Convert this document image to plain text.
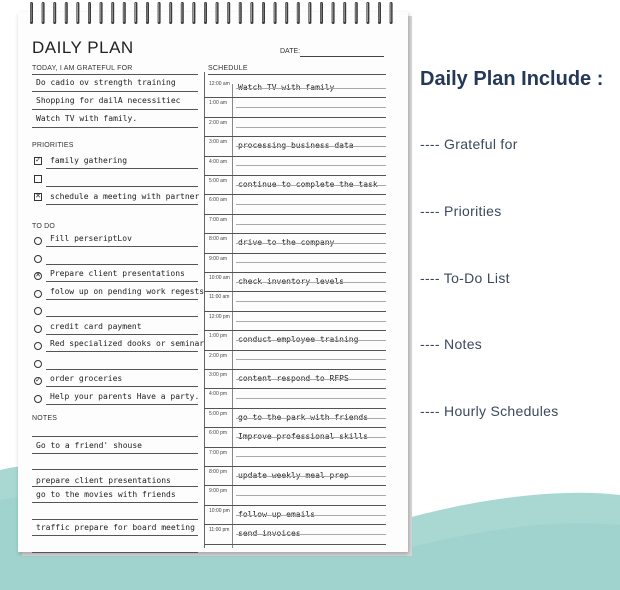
DAILY PLAN	DATE:
TODAY, I AM GRATEFUL FOR	SCHEDULE
PRIORITIES
TO DO
NOTES
Do cadio ov strength training
Shopping for dailA necessitiec
Watch TV with family.
✓ family gathering
✕ schedule a meeting with partner
Fill perseriptLov
✕ Prepare client presentations
folow up on pending work regests
credit card payment
Red specialized dooks or seminar
✓ order groceries
Help your parents Have a party.
Go to a friend' shouse
prepare client presentations
go to the movies with friends
traffic prepare for board meeting
12:00 am
1:00 am
2:00 am
3:00 am
4:00 am
5:00 am
6:00 am
7:00 am
8:00 am
9:00 am
10:00 am
11:00 am
12:00 pm
1:00 pm
2:00 pm
3:00 pm
4:00 pm
5:00 pm
6:00 pm
7:00 pm
8:00 pm
9:00 pm
10:00 pm
11:00 pm
Daily Plan Include :
---- Grateful for
---- Priorities
---- To-Do List
---- Notes
---- Hourly Schedules
